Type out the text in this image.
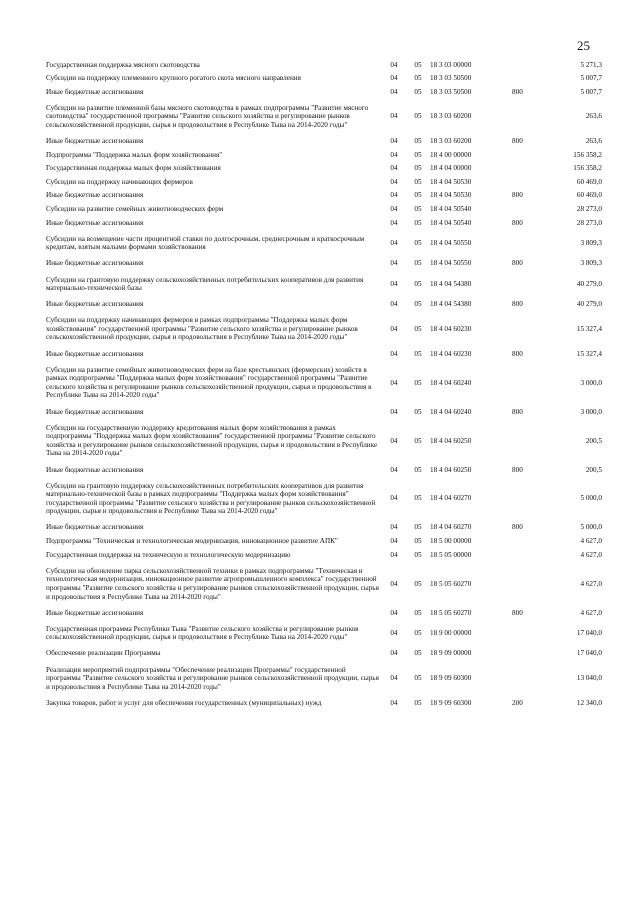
25
Государственная поддержка мясного скотоводства	04	05	18 3 03 00000		5 271,3
Субсидии на поддержку племенного крупного рогатого скота мясного направления	04	05	18 3 03 50500		5 007,7
Иные бюджетные ассигнования	04	05	18 3 03 50500	800	5 007,7
Субсидии на развитие племенной базы мясного скотоводства в рамках подпрограммы "Развитие мясного скотоводства" государственной программы "Развитие сельского хозяйства и регулирование рынков сельскохозяйственной продукции, сырья и продовольствия в Республике Тыва на 2014-2020 годы"	04	05	18 3 03 60200		263,6
Иные бюджетные ассигнования	04	05	18 3 03 60200	800	263,6
Подпрограмма "Поддержка малых форм хозяйствования"	04	05	18 4 00 00000		156 358,2
Государственная поддержка малых форм хозяйствования	04	05	18 4 04 00000		156 358,2
Субсидии на поддержку начинающих фермеров	04	05	18 4 04 50530		60 469,0
Иные бюджетные ассигнования	04	05	18 4 04 50530	800	60 469,0
Субсидии на развитие семейных животноводческих ферм	04	05	18 4 04 50540		28 273,0
Иные бюджетные ассигнования	04	05	18 4 04 50540	800	28 273,0
Субсидии на возмещение части процентной ставки по долгосрочным, среднесрочным и краткосрочным кредитам, взятым малыми формами хозяйствования	04	05	18 4 04 50550		3 809,3
Иные бюджетные ассигнования	04	05	18 4 04 50550	800	3 809,3
Субсидии на грантовую поддержку сельскохозяйственных потребительских кооперативов для развития материально-технической базы	04	05	18 4 04 54380		40 279,0
Иные бюджетные ассигнования	04	05	18 4 04 54380	800	40 279,0
Субсидии на поддержку начинающих фермеров в рамках подпрограммы "Поддержка малых форм хозяйствования" государственной программы "Развитие сельского хозяйства и регулирование рынков сельскохозяйственной продукции, сырья и продовольствия в Республике Тыва на 2014-2020 годы"	04	05	18 4 04 60230		15 327,4
Иные бюджетные ассигнования	04	05	18 4 04 60230	800	15 327,4
Субсидии на развитие семейных животноводческих ферм на базе крестьянских (фермерских) хозяйств в рамках подпрограммы "Поддержка малых форм хозяйствования" государственной программы "Развитие сельского хозяйства и регулирование рынков сельскохозяйственной продукции, сырья и продовольствия в Республике Тыва на 2014-2020 годы"	04	05	18 4 04 60240		3 000,0
Иные бюджетные ассигнования	04	05	18 4 04 60240	800	3 000,0
Субсидии на государственную поддержку кредитования малых форм хозяйствования в рамках подпрограммы "Поддержка малых форм хозяйствования" государственной программы "Развитие сельского хозяйства и регулирование рынков сельскохозяйственной продукции, сырья и продовольствия в Республике Тыва на 2014-2020 годы"	04	05	18 4 04 60250		200,5
Иные бюджетные ассигнования	04	05	18 4 04 60250	800	200,5
Субсидии на грантовую поддержку сельскохозяйственных потребительских кооперативов для развития материально-технической базы в рамках подпрограммы "Поддержка малых форм хозяйствования" государственной программы "Развитие сельского хозяйства и регулирование рынков сельскохозяйственной продукции, сырья и продовольствия в Республике Тыва на 2014-2020 годы"	04	05	18 4 04 60270		5 000,0
Иные бюджетные ассигнования	04	05	18 4 04 60270	800	5 000,0
Подпрограмма "Техническая и технологическая модернизация, инновационное развитие АПК"	04	05	18 5 00 00000		4 627,0
Государственная поддержка на техническую и технологическую модернизацию	04	05	18 5 05 00000		4 627,0
Субсидии на обновление парка сельскохозяйственной техники в рамках подпрограммы "Техническая и технологическая модернизация, инновационное развитие агропромышленного комплекса" государственной программы "Развитие сельского хозяйства и регулирование рынков сельскохозяйственной продукции, сырья и продовольствия в Республике Тыва на 2014-2020 годы"	04	05	18 5 05 60270		4 627,0
Иные бюджетные ассигнования	04	05	18 5 05 60270	800	4 627,0
Государственная программа Республики Тыва "Развитие сельского хозяйства и регулирование рынков сельскохозяйственной продукции, сырья и продовольствия в Республике Тыва на 2014-2020 годы"	04	05	18 9 00 00000		17 040,0
Обеспечение реализации Программы	04	05	18 9 09 00000		17 040,0
Реализация мероприятий подпрограммы "Обеспечение реализации Программы" государственной программы "Развитие сельского хозяйства и регулирование рынков сельскохозяйственной продукции, сырья и продовольствия в Республике Тыва на 2014-2020 годы"	04	05	18 9 09 60300		13 040,0
Закупка товаров, работ и услуг для обеспечения государственных (муниципальных) нужд	04	05	18 9 09 60300	200	12 340,0
